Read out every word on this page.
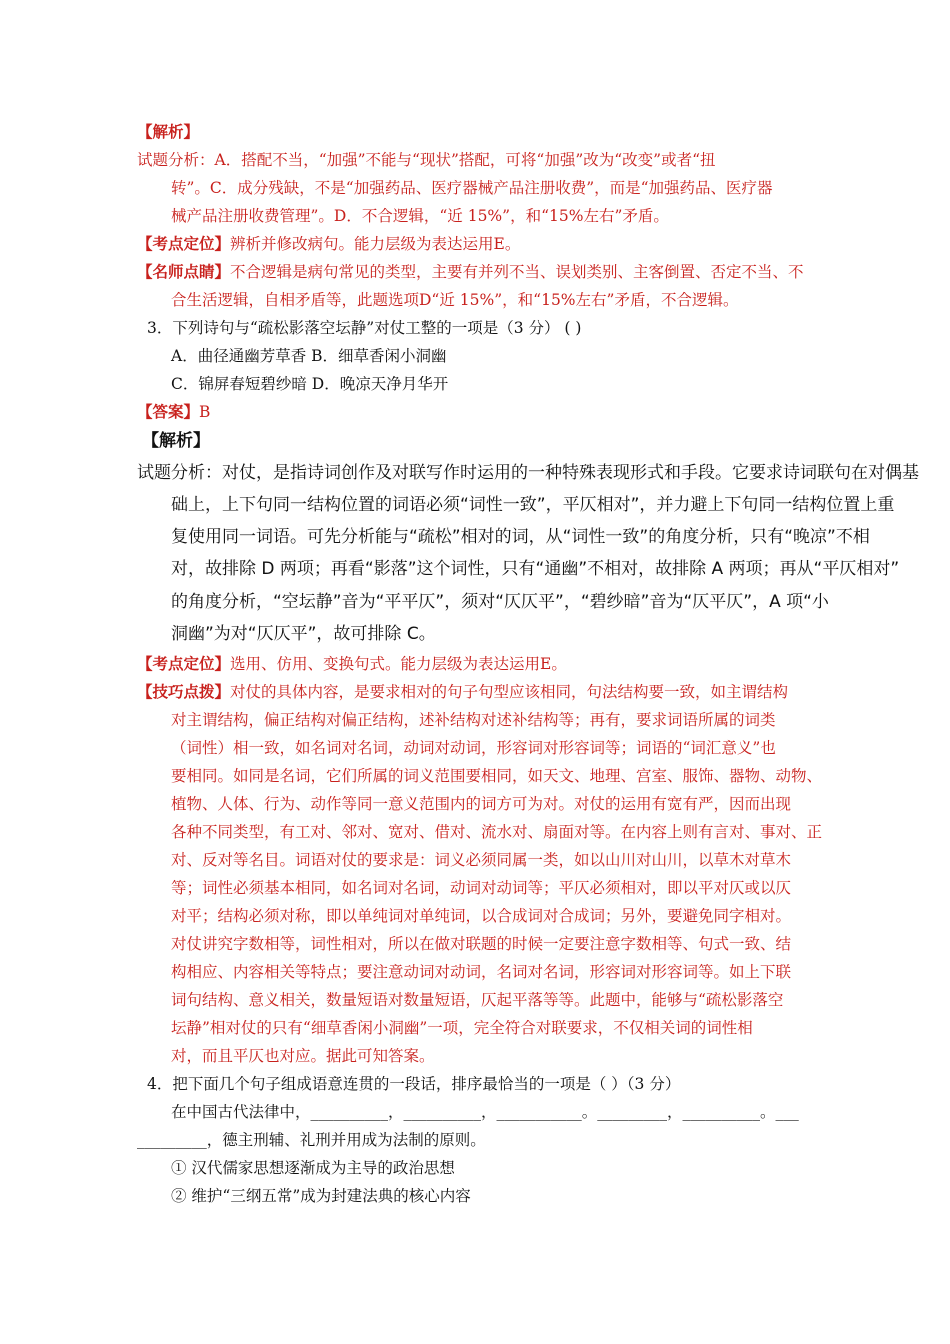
【解析】
试题分析：A．搭配不当，“加强”不能与“现状”搭配，可将“加强”改为“改变”或者“扭
转”。C．成分残缺，不是“加强药品、医疗器械产品注册收费”，而是“加强药品、医疗器
械产品注册收费管理”。D．不合逻辑，“近 15%”，和“15%左右”矛盾。
【考点定位】辨析并修改病句。能力层级为表达运用E。
【名师点睛】不合逻辑是病句常见的类型，主要有并列不当、误划类别、主客倒置、否定不当、不
合生活逻辑，自相矛盾等，此题选项D“近 15%”，和“15%左右”矛盾，不合逻辑。
3．下列诗句与“疏松影落空坛静”对仗工整的一项是（3 分） ( )
A．曲径通幽芳草香 B．细草香闲小洞幽
C．锦屏春短碧纱暗 D．晚凉天净月华开
【答案】B
【解析】
试题分析：对仗，是指诗词创作及对联写作时运用的一种特殊表现形式和手段。它要求诗词联句在对偶基
础上，上下句同一结构位置的词语必须“词性一致”，平仄相对”，并力避上下句同一结构位置上重
复使用同一词语。可先分析能与“疏松”相对的词，从“词性一致”的角度分析，只有“晚凉”不相
对，故排除 D 两项；再看“影落”这个词性，只有“通幽”不相对，故排除 A 两项；再从“平仄相对”
的角度分析，“空坛静”音为“平平仄”，须对“仄仄平”，“碧纱暗”音为“仄平仄”，A 项“小
洞幽”为对“仄仄平”，故可排除 C。
【考点定位】选用、仿用、变换句式。能力层级为表达运用E。
【技巧点拨】对仗的具体内容，是要求相对的句子句型应该相同，句法结构要一致，如主谓结构
对主谓结构，偏正结构对偏正结构，述补结构对述补结构等；再有，要求词语所属的词类
（词性）相一致，如名词对名词，动词对动词，形容词对形容词等；词语的“词汇意义”也
要相同。如同是名词，它们所属的词义范围要相同，如天文、地理、宫室、服饰、器物、动物、
植物、人体、行为、动作等同一意义范围内的词方可为对。对仗的运用有宽有严，因而出现
各种不同类型，有工对、邻对、宽对、借对、流水对、扇面对等。在内容上则有言对、事对、正
对、反对等名目。词语对仗的要求是：词义必须同属一类，如以山川对山川，以草木对草木
等；词性必须基本相同，如名词对名词，动词对动词等；平仄必须相对，即以平对仄或以仄
对平；结构必须对称，即以单纯词对单纯词，以合成词对合成词；另外，要避免同字相对。
对仗讲究字数相等，词性相对，所以在做对联题的时候一定要注意字数相等、句式一致、结
构相应、内容相关等特点；要注意动词对动词，名词对名词，形容词对形容词等。如上下联
词句结构、意义相关，数量短语对数量短语，仄起平落等等。此题中，能够与“疏松影落空
坛静”相对仗的只有“细草香闲小洞幽”一项，完全符合对联要求，不仅相关词的词性相
对，而且平仄也对应。据此可知答案。
4．把下面几个句子组成语意连贯的一段话，排序最恰当的一项是（ ）（3 分）
在中国古代法律中，__________，__________，___________。_________，__________。___
_________，德主刑辅、礼刑并用成为法制的原则。
① 汉代儒家思想逐渐成为主导的政治思想
② 维护“三纲五常”成为封建法典的核心内容
